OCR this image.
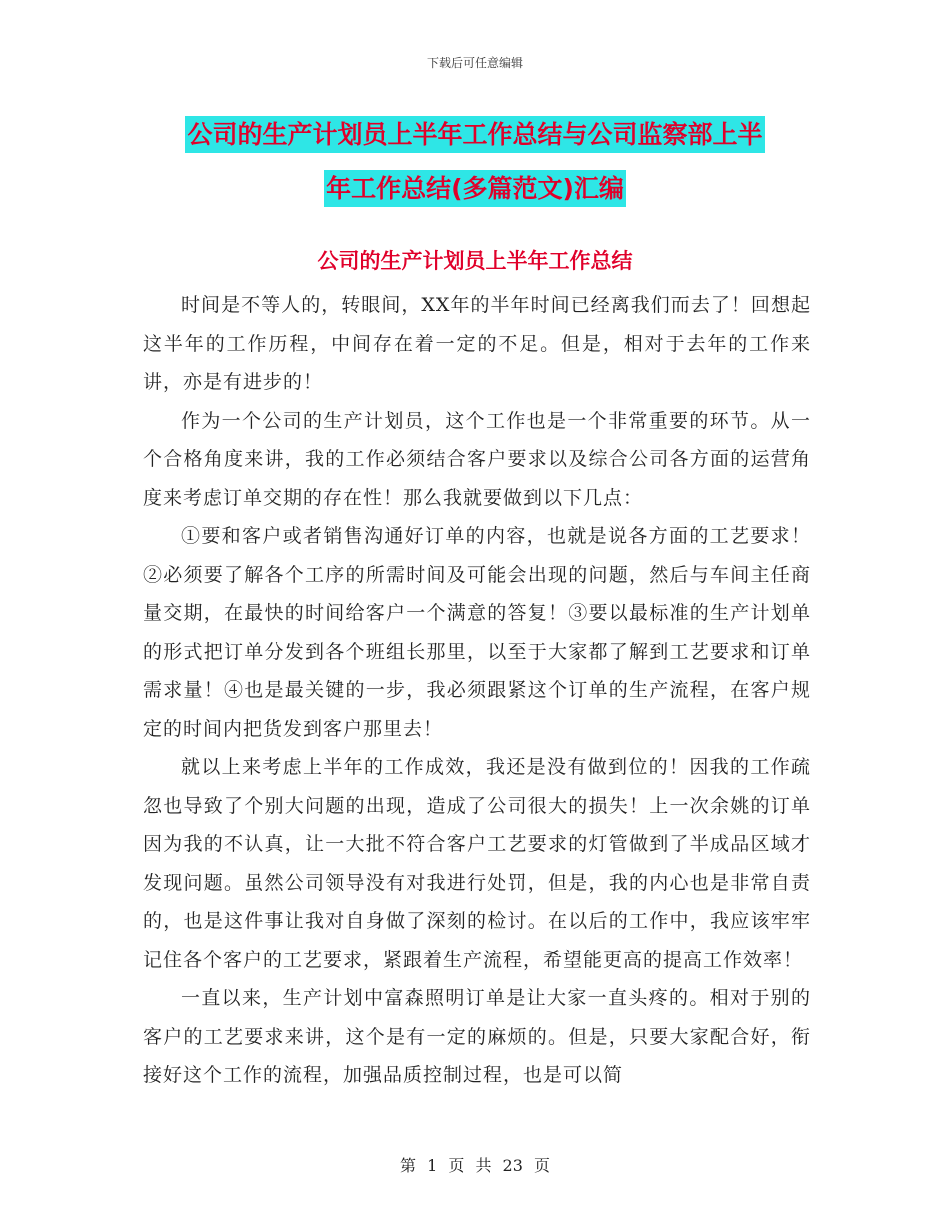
下载后可任意编辑
公司的生产计划员上半年工作总结与公司监察部上半
年工作总结(多篇范文)汇编
公司的生产计划员上半年工作总结

时间是不等人的，转眼间，XX年的半年时间已经离我们而去了！回想起这半年的工作历程，中间存在着一定的不足。但是，相对于去年的工作来讲，亦是有进步的！

作为一个公司的生产计划员，这个工作也是一个非常重要的环节。从一个合格角度来讲，我的工作必须结合客户要求以及综合公司各方面的运营角度来考虑订单交期的存在性！那么我就要做到以下几点：

①要和客户或者销售沟通好订单的内容，也就是说各方面的工艺要求！②必须要了解各个工序的所需时间及可能会出现的问题，然后与车间主任商量交期，在最快的时间给客户一个满意的答复！③要以最标准的生产计划单的形式把订单分发到各个班组长那里，以至于大家都了解到工艺要求和订单需求量！④也是最关键的一步，我必须跟紧这个订单的生产流程，在客户规定的时间内把货发到客户那里去！

就以上来考虑上半年的工作成效，我还是没有做到位的！因我的工作疏忽也导致了个别大问题的出现，造成了公司很大的损失！上一次余姚的订单因为我的不认真，让一大批不符合客户工艺要求的灯管做到了半成品区域才发现问题。虽然公司领导没有对我进行处罚，但是，我的内心也是非常自责的，也是这件事让我对自身做了深刻的检讨。在以后的工作中，我应该牢牢记住各个客户的工艺要求，紧跟着生产流程，希望能更高的提高工作效率！

一直以来，生产计划中富森照明订单是让大家一直头疼的。相对于别的客户的工艺要求来讲，这个是有一定的麻烦的。但是，只要大家配合好，衔接好这个工作的流程，加强品质控制过程，也是可以简

第 1 页 共 23 页
